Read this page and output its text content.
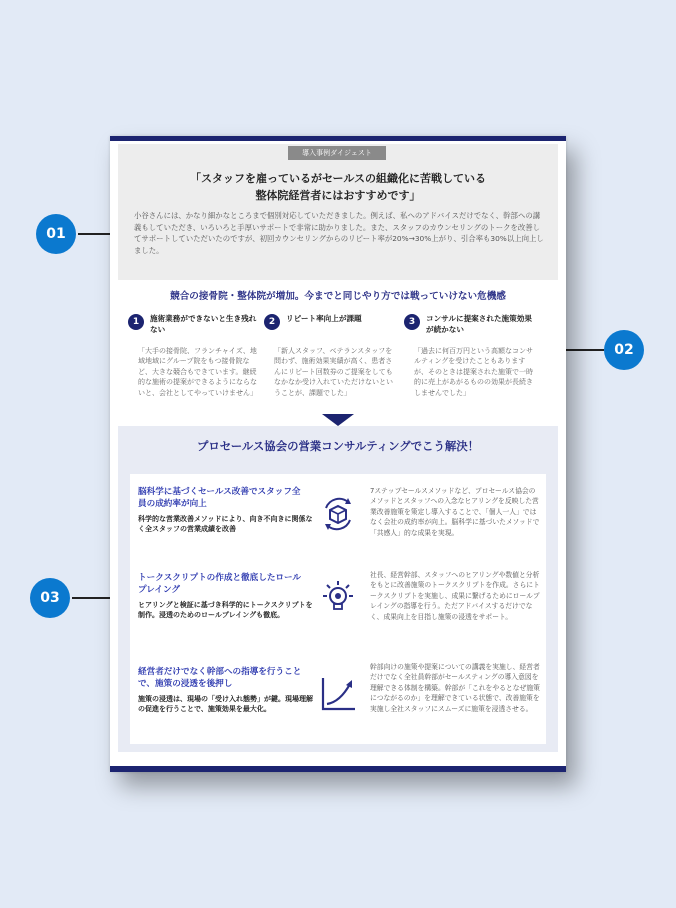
01
02
03
導入事例ダイジェスト
「スタッフを雇っているがセールスの組織化に苦戦している
整体院経営者にはおすすめです」
小谷さんには、かなり細かなところまで個別対応していただきました。例えば、私へのアドバイスだけでなく、幹部への講義もしていただき、いろいろと手厚いサポートで非常に助かりました。また、スタッフのカウンセリングのトークを改善してサポートしていただいたのですが、初回カウンセリングからのリピート率が20%→30%上がり、引合率も30%以上向上しました。
競合の接骨院・整体院が増加。今までと同じやり方では戦っていけない危機感
1	施術業務ができないと生き残れない
「大手の接骨院、フランチャイズ、地域地域にグループ院をもつ接骨院など、大きな競合もできています。継続的な施術の提案ができるようにならないと、会社としてやっていけません」
2	リピート率向上が課題
「新人スタッフ、ベテランスタッフを問わず、施術効果実績が高く、患者さんにリピート回数券のご提案をしてもなかなか受け入れていただけないということが、課題でした」
3	コンサルに提案された施策効果が続かない
「過去に何百万円という高額なコンサルティングを受けたこともありますが、そのときは提案された施策で一時的に売上があがるものの効果が長続きしませんでした」
プロセールス協会の営業コンサルティングでこう解決！
脳科学に基づくセールス改善でスタッフ全員の成約率が向上
科学的な営業改善メソッドにより、向き不向きに関係なく全スタッフの営業成績を改善
7ステップセールスメソッドなど、プロセールス協会のメソッドとスタッフへの入念なヒアリングを反映した営業改善施策を策定し導入することで、「個人一人」ではなく会社の成約率が向上。脳科学に基づいたメソッドで「共感人」的な成果を実現。
トークスクリプトの作成と徹底したロールプレイング
ヒアリングと検証に基づき科学的にトークスクリプトを制作。浸透のためのロールプレイングも徹底。
社長、経営幹部、スタッフへのヒアリングや数値と分析をもとに改善施策のトークスクリプトを作成。さらにトークスクリプトを実施し、成果に繋げるためにロールプレイングの指導を行う。ただアドバイスするだけでなく、成果向上を目指し施策の浸透をサポート。
経営者だけでなく幹部への指導を行うことで、施策の浸透を後押し
施策の浸透は、現場の「受け入れ態勢」が鍵。現場理解の促進を行うことで、施策効果を最大化。
幹部向けの施策や提案についての講義を実施し、経営者だけでなく全社員幹部がセールスティングの導入意図を理解できる体制を構築。幹部が「これをやるとなぜ施策につながるのか」を理解できている状態で、改善施策を実施し全社スタッフにスムーズに施策を浸透させる。
